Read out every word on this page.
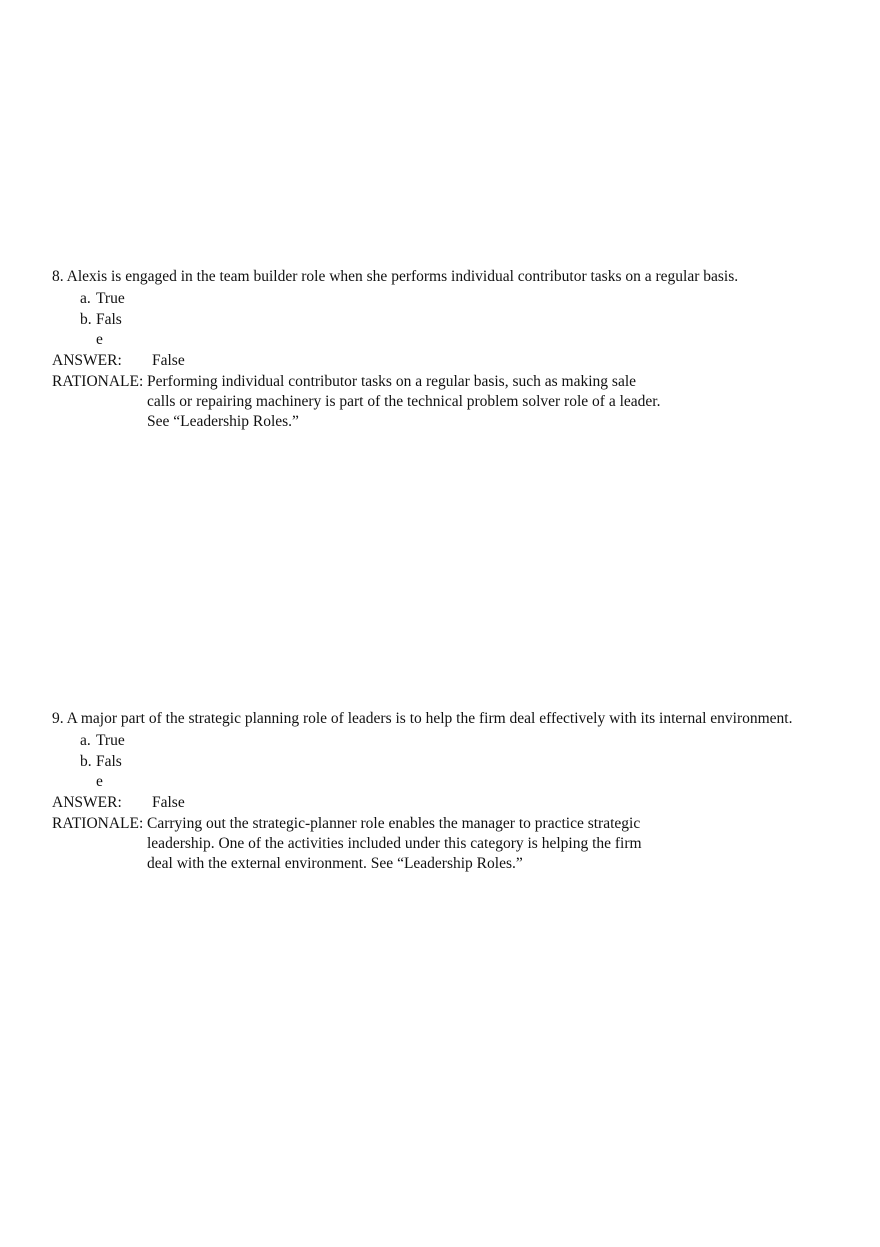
8. Alexis is engaged in the team builder role when she performs individual contributor tasks on a regular basis.

a. True
b. False
ANSWER:	False
RATIONALE: Performing individual contributor tasks on a regular basis, such as making sale
calls or repairing machinery is part of the technical problem solver role of a leader.
See “Leadership Roles.”

9. A major part of the strategic planning role of leaders is to help the firm deal effectively with its internal environment.

a. True
b. False
ANSWER:	False
RATIONALE: Carrying out the strategic-planner role enables the manager to practice strategic
leadership. One of the activities included under this category is helping the firm
deal with the external environment. See “Leadership Roles.”
